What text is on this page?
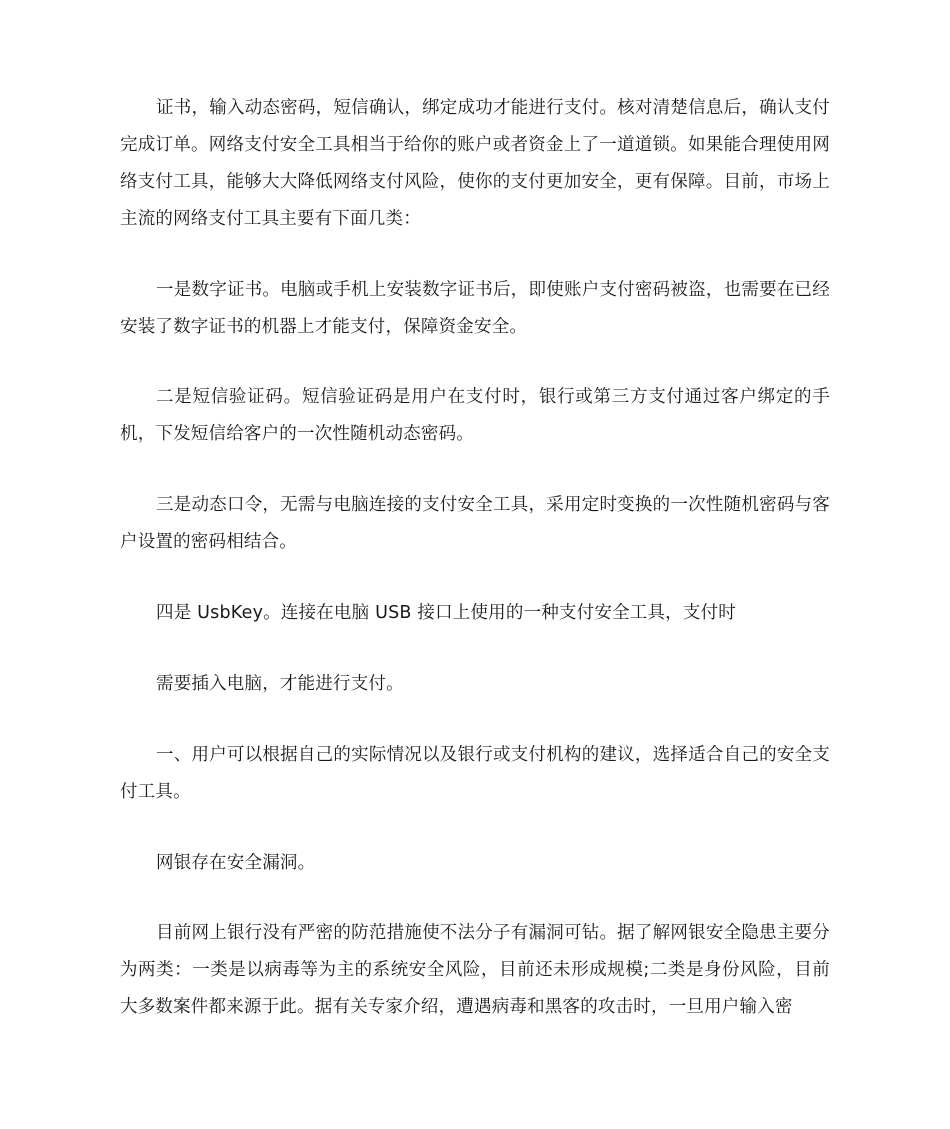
证书，输入动态密码，短信确认，绑定成功才能进行支付。核对清楚信息后，确认支付完成订单。网络支付安全工具相当于给你的账户或者资金上了一道道锁。如果能合理使用网络支付工具，能够大大降低网络支付风险，使你的支付更加安全，更有保障。目前，市场上主流的网络支付工具主要有下面几类：

一是数字证书。电脑或手机上安装数字证书后，即使账户支付密码被盗，也需要在已经安装了数字证书的机器上才能支付，保障资金安全。

二是短信验证码。短信验证码是用户在支付时，银行或第三方支付通过客户绑定的手机，下发短信给客户的一次性随机动态密码。

三是动态口令，无需与电脑连接的支付安全工具，采用定时变换的一次性随机密码与客户设置的密码相结合。

四是 UsbKey。连接在电脑 USB 接口上使用的一种支付安全工具，支付时

需要插入电脑，才能进行支付。

一、用户可以根据自己的实际情况以及银行或支付机构的建议，选择适合自己的安全支付工具。

网银存在安全漏洞。

目前网上银行没有严密的防范措施使不法分子有漏洞可钻。据了解网银安全隐患主要分为两类：一类是以病毒等为主的系统安全风险，目前还未形成规模;二类是身份风险，目前大多数案件都来源于此。据有关专家介绍，遭遇病毒和黑客的攻击时，一旦用户输入密
